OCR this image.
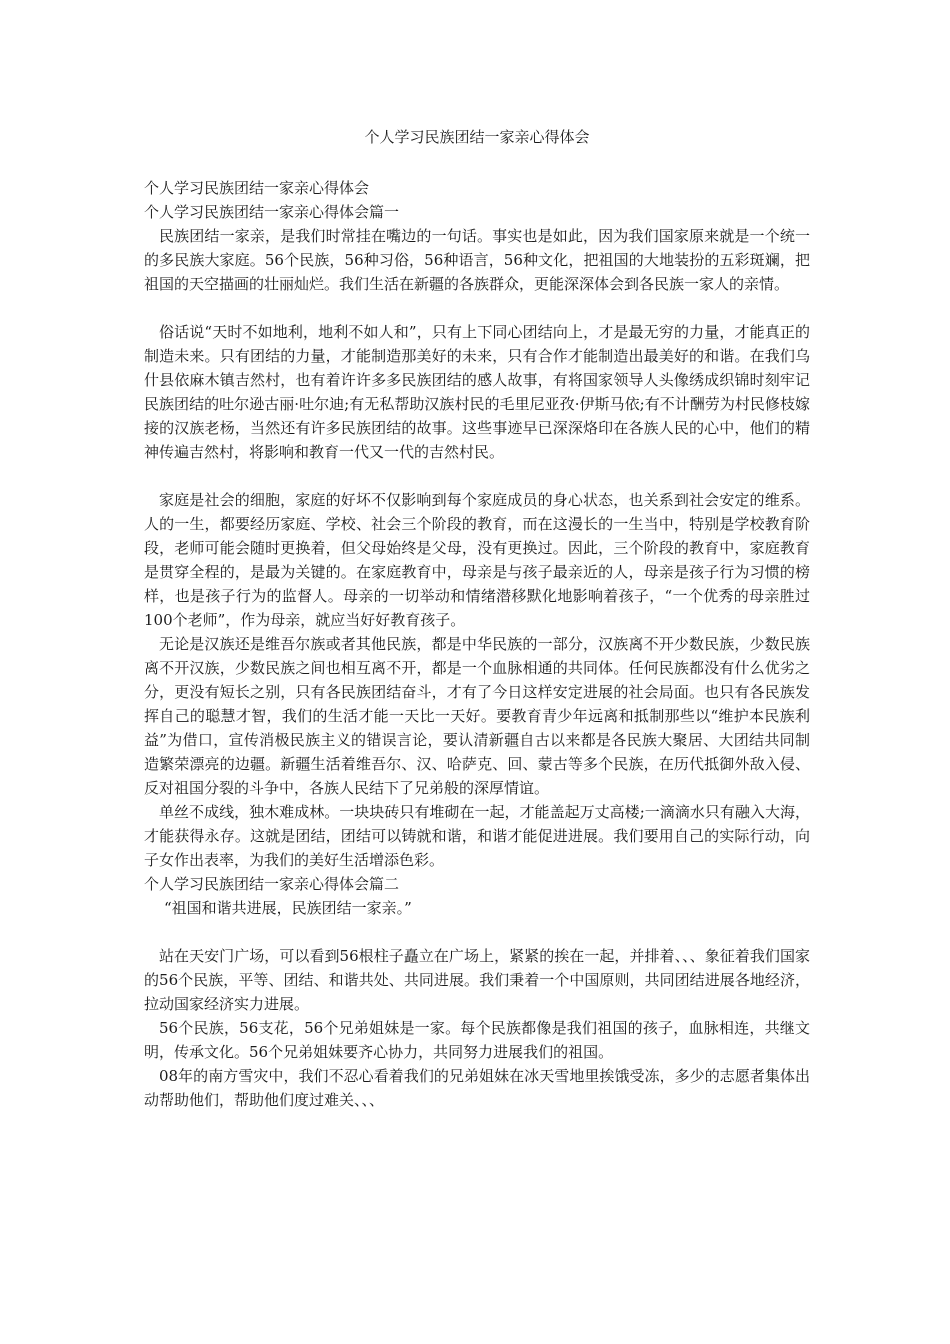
个人学习民族团结一家亲心得体会

个人学习民族团结一家亲心得体会

个人学习民族团结一家亲心得体会篇一

民族团结一家亲，是我们时常挂在嘴边的一句话。事实也是如此，因为我们国家原来就是一个统一的多民族大家庭。56个民族，56种习俗，56种语言，56种文化，把祖国的大地装扮的五彩斑斓，把祖国的天空描画的壮丽灿烂。我们生活在新疆的各族群众，更能深深体会到各民族一家人的亲情。

俗话说“天时不如地利，地利不如人和”，只有上下同心团结向上，才是最无穷的力量，才能真正的制造未来。只有团结的力量，才能制造那美好的未来，只有合作才能制造出最美好的和谐。在我们乌什县依麻木镇吉然村，也有着许许多多民族团结的感人故事，有将国家领导人头像绣成织锦时刻牢记民族团结的吐尔逊古丽·吐尔迪;有无私帮助汉族村民的毛里尼亚孜·伊斯马依;有不计酬劳为村民修枝嫁接的汉族老杨，当然还有许多民族团结的故事。这些事迹早已深深烙印在各族人民的心中，他们的精神传遍吉然村，将影响和教育一代又一代的吉然村民。

家庭是社会的细胞，家庭的好坏不仅影响到每个家庭成员的身心状态，也关系到社会安定的维系。人的一生，都要经历家庭、学校、社会三个阶段的教育，而在这漫长的一生当中，特别是学校教育阶段，老师可能会随时更换着，但父母始终是父母，没有更换过。因此，三个阶段的教育中，家庭教育是贯穿全程的，是最为关键的。在家庭教育中，母亲是与孩子最亲近的人，母亲是孩子行为习惯的榜样，也是孩子行为的监督人。母亲的一切举动和情绪潜移默化地影响着孩子，“一个优秀的母亲胜过100个老师”，作为母亲，就应当好好教育孩子。

无论是汉族还是维吾尔族或者其他民族，都是中华民族的一部分，汉族离不开少数民族，少数民族离不开汉族，少数民族之间也相互离不开，都是一个血脉相通的共同体。任何民族都没有什么优劣之分，更没有短长之别，只有各民族团结奋斗，才有了今日这样安定进展的社会局面。也只有各民族发挥自己的聪慧才智，我们的生活才能一天比一天好。要教育青少年远离和抵制那些以“维护本民族利益”为借口，宣传消极民族主义的错误言论，要认清新疆自古以来都是各民族大聚居、大团结共同制造繁荣漂亮的边疆。新疆生活着维吾尔、汉、哈萨克、回、蒙古等多个民族，在历代抵御外敌入侵、反对祖国分裂的斗争中，各族人民结下了兄弟般的深厚情谊。

单丝不成线，独木难成林。一块块砖只有堆砌在一起，才能盖起万丈高楼;一滴滴水只有融入大海，才能获得永存。这就是团结，团结可以铸就和谐，和谐才能促进进展。我们要用自己的实际行动，向子女作出表率，为我们的美好生活增添色彩。

个人学习民族团结一家亲心得体会篇二

“祖国和谐共进展，民族团结一家亲。”

站在天安门广场，可以看到56根柱子矗立在广场上，紧紧的挨在一起，并排着、、、象征着我们国家的56个民族，平等、团结、和谐共处、共同进展。我们秉着一个中国原则，共同团结进展各地经济，拉动国家经济实力进展。

56个民族，56支花，56个兄弟姐妹是一家。每个民族都像是我们祖国的孩子，血脉相连，共继文明，传承文化。56个兄弟姐妹要齐心协力，共同努力进展我们的祖国。

08年的南方雪灾中，我们不忍心看着我们的兄弟姐妹在冰天雪地里挨饿受冻，多少的志愿者集体出动帮助他们，帮助他们度过难关、、、
